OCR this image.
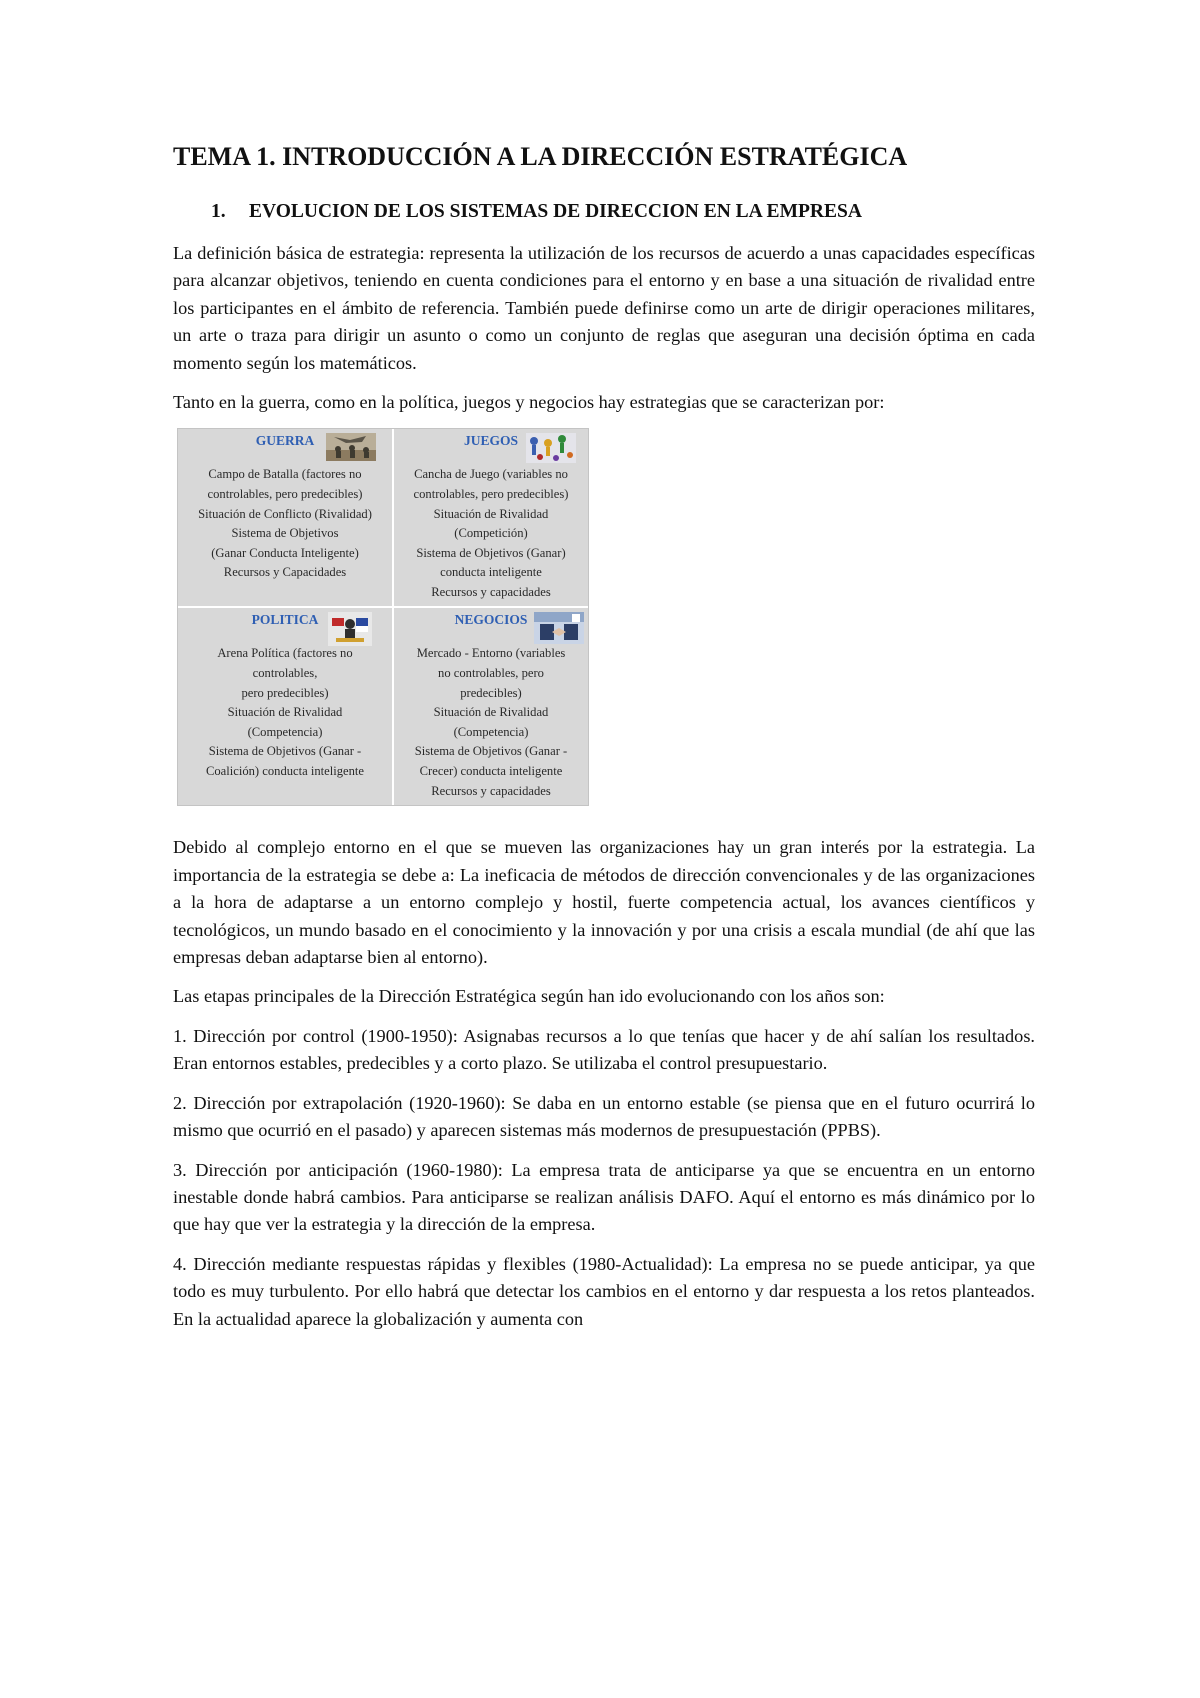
TEMA 1. INTRODUCCIÓN A LA DIRECCIÓN ESTRATÉGICA
1.	EVOLUCION DE LOS SISTEMAS DE DIRECCION EN LA EMPRESA

La definición básica de estrategia: representa la utilización de los recursos de acuerdo a unas capacidades específicas para alcanzar objetivos, teniendo en cuenta condiciones para el entorno y en base a una situación de rivalidad entre los participantes en el ámbito de referencia. También puede definirse como un arte de dirigir operaciones militares, un arte o traza para dirigir un asunto o como un conjunto de reglas que aseguran una decisión óptima en cada momento según los matemáticos.

Tanto en la guerra, como en la política, juegos y negocios hay estrategias que se caracterizan por:

GUERRA
Campo de Batalla (factores no
controlables, pero predecibles)
Situación de Conflicto (Rivalidad)
Sistema de Objetivos
(Ganar Conducta Inteligente)
Recursos y Capacidades
JUEGOS
Cancha de Juego (variables no
controlables, pero predecibles)
Situación de Rivalidad
(Competición)
Sistema de Objetivos (Ganar)
conducta inteligente
Recursos y capacidades
POLITICA
Arena Política (factores no
controlables,
pero predecibles)
Situación de Rivalidad
(Competencia)
Sistema de Objetivos (Ganar -
Coalición) conducta inteligente
NEGOCIOS
Mercado - Entorno (variables
no controlables, pero
predecibles)
Situación de Rivalidad
(Competencia)
Sistema de Objetivos (Ganar -
Crecer) conducta inteligente
Recursos y capacidades

Debido al complejo entorno en el que se mueven las organizaciones hay un gran interés por la estrategia. La importancia de la estrategia se debe a: La ineficacia de métodos de dirección convencionales y de las organizaciones a la hora de adaptarse a un entorno complejo y hostil, fuerte competencia actual, los avances científicos y tecnológicos, un mundo basado en el conocimiento y la innovación y por una crisis a escala mundial (de ahí que las empresas deban adaptarse bien al entorno).

Las etapas principales de la Dirección Estratégica según han ido evolucionando con los años son:

1. Dirección por control (1900-1950): Asignabas recursos a lo que tenías que hacer y de ahí salían los resultados. Eran entornos estables, predecibles y a corto plazo. Se utilizaba el control presupuestario.

2. Dirección por extrapolación (1920-1960): Se daba en un entorno estable (se piensa que en el futuro ocurrirá lo mismo que ocurrió en el pasado) y aparecen sistemas más modernos de presupuestación (PPBS).

3. Dirección por anticipación (1960-1980): La empresa trata de anticiparse ya que se encuentra en un entorno inestable donde habrá cambios. Para anticiparse se realizan análisis DAFO. Aquí el entorno es más dinámico por lo que hay que ver la estrategia y la dirección de la empresa.

4. Dirección mediante respuestas rápidas y flexibles (1980-Actualidad): La empresa no se puede anticipar, ya que todo es muy turbulento. Por ello habrá que detectar los cambios en el entorno y dar respuesta a los retos planteados. En la actualidad aparece la globalización y aumenta con
